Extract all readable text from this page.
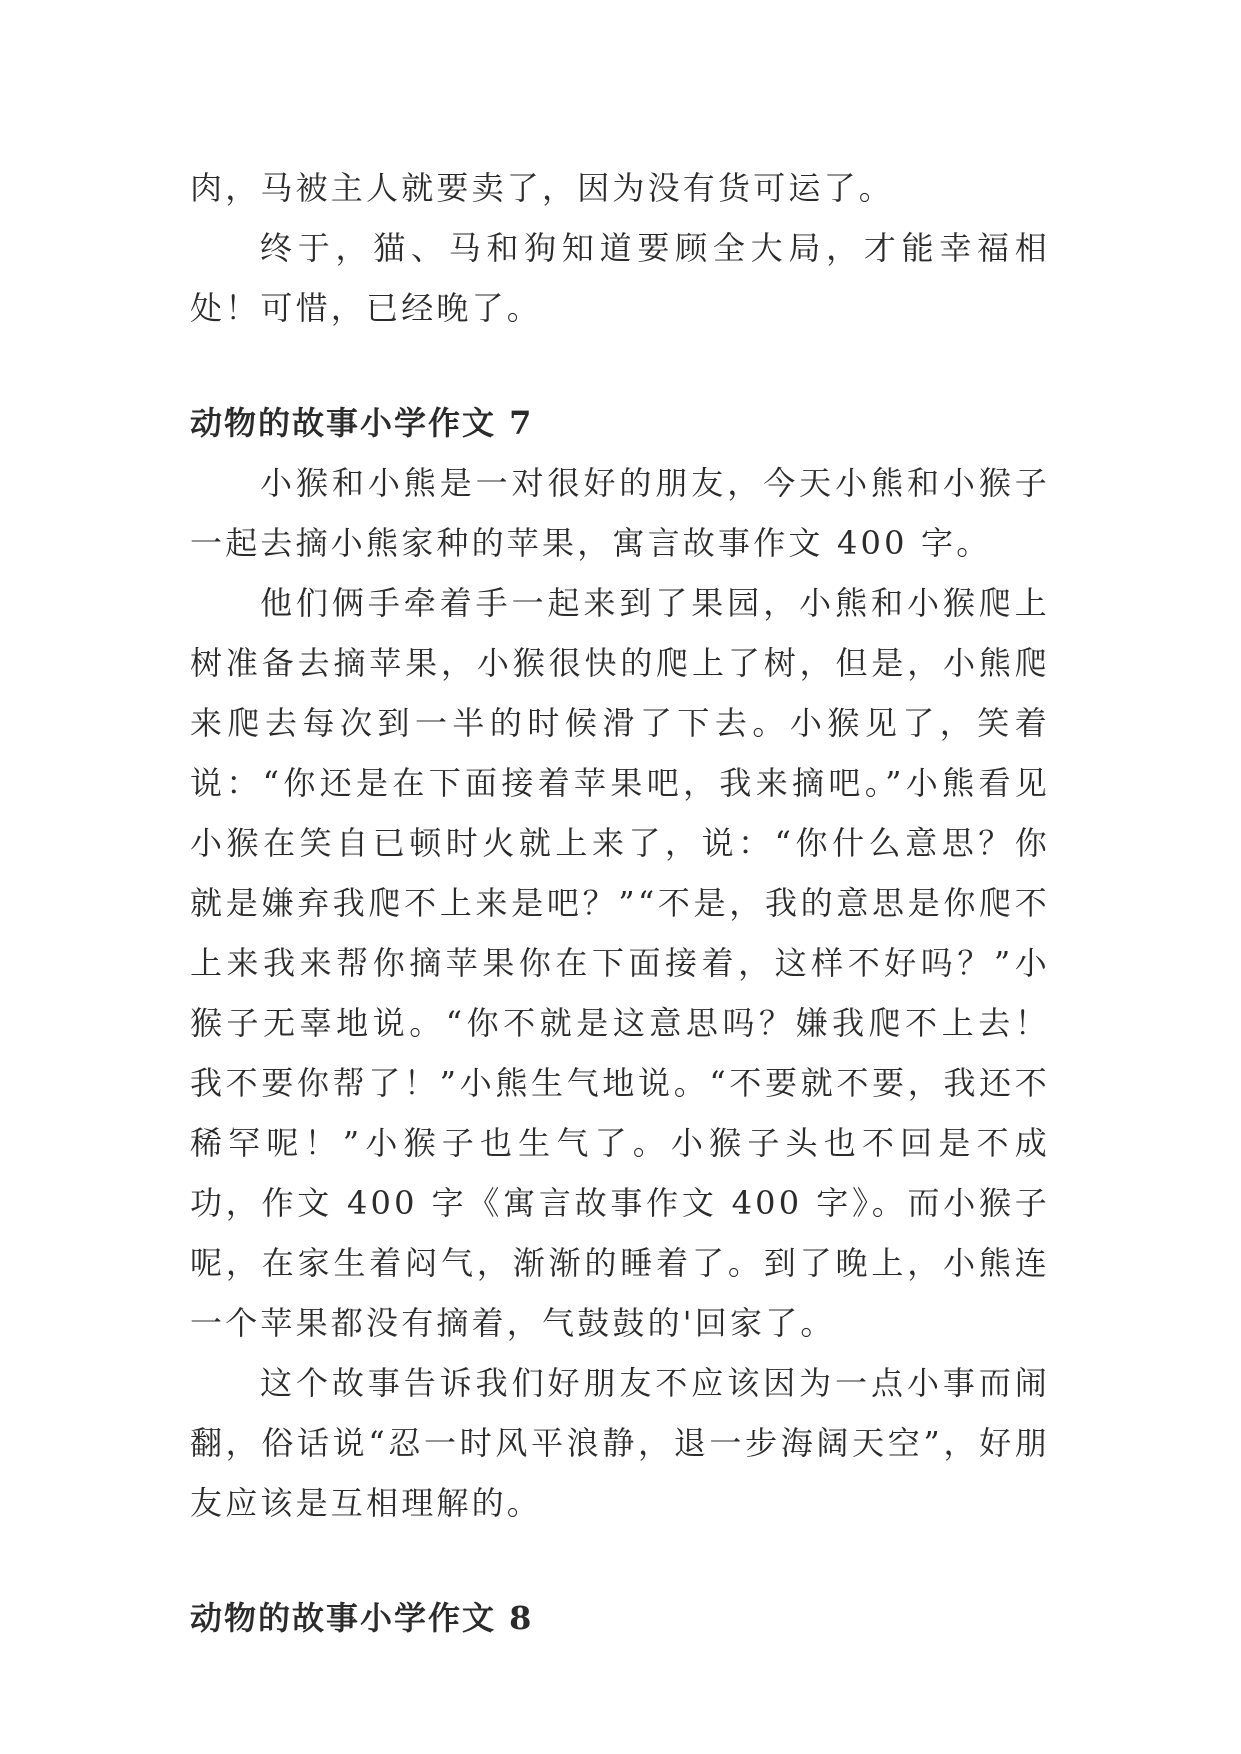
肉，马被主人就要卖了，因为没有货可运了。

终于，猫、马和狗知道要顾全大局，才能幸福相处！可惜，已经晚了。

动物的故事小学作文 7

小猴和小熊是一对很好的朋友，今天小熊和小猴子一起去摘小熊家种的苹果，寓言故事作文 400 字。

他们俩手牵着手一起来到了果园，小熊和小猴爬上树准备去摘苹果，小猴很快的爬上了树，但是，小熊爬来爬去每次到一半的时候滑了下去。小猴见了，笑着说：“你还是在下面接着苹果吧，我来摘吧。”小熊看见小猴在笑自已顿时火就上来了，说：“你什么意思？你就是嫌弃我爬不上来是吧？”“不是，我的意思是你爬不上来我来帮你摘苹果你在下面接着，这样不好吗？”小猴子无辜地说。“你不就是这意思吗？嫌我爬不上去！我不要你帮了！”小熊生气地说。“不要就不要，我还不稀罕呢！”小猴子也生气了。小猴子头也不回是不成功，作文 400 字《寓言故事作文 400 字》。而小猴子呢，在家生着闷气，渐渐的睡着了。到了晚上，小熊连一个苹果都没有摘着，气鼓鼓的'回家了。

这个故事告诉我们好朋友不应该因为一点小事而闹翻，俗话说“忍一时风平浪静，退一步海阔天空”，好朋友应该是互相理解的。

动物的故事小学作文 8
